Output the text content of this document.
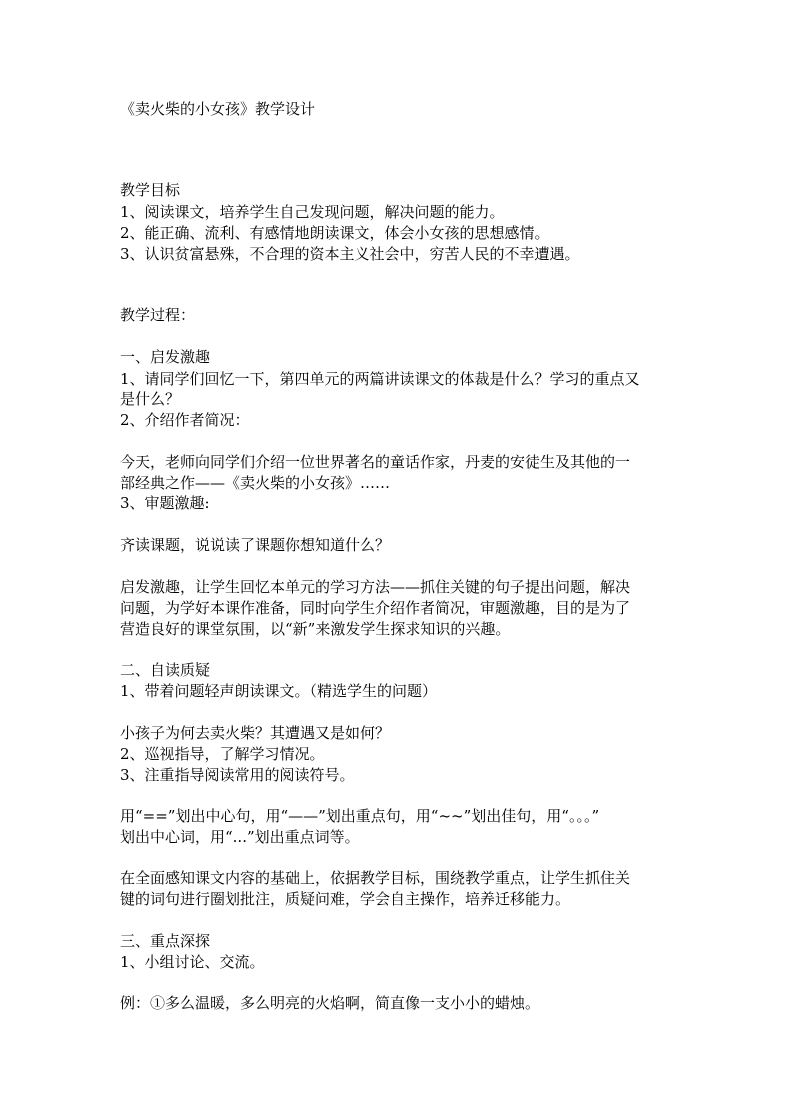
《卖火柴的小女孩》教学设计
教学目标
1、阅读课文，培养学生自己发现问题，解决问题的能力。
2、能正确、流利、有感情地朗读课文，体会小女孩的思想感情。
3、认识贫富悬殊，不合理的资本主义社会中，穷苦人民的不幸遭遇。
教学过程：
一、启发激趣
1、请同学们回忆一下，第四单元的两篇讲读课文的体裁是什么？学习的重点又
是什么？
2、介绍作者简况：
今天，老师向同学们介绍一位世界著名的童话作家，丹麦的安徒生及其他的一
部经典之作——《卖火柴的小女孩》……
3、审题激趣:
齐读课题，说说读了课题你想知道什么？
启发激趣，让学生回忆本单元的学习方法——抓住关键的句子提出问题，解决
问题，为学好本课作准备，同时向学生介绍作者简况，审题激趣，目的是为了
营造良好的课堂氛围，以“新”来激发学生探求知识的兴趣。
二、自读质疑
1、带着问题轻声朗读课文。（精选学生的问题）
小孩子为何去卖火柴？其遭遇又是如何？
2、巡视指导，了解学习情况。
3、注重指导阅读常用的阅读符号。
用“==”划出中心句，用“——”划出重点句，用“~~”划出佳句，用“。。。”
划出中心词，用“...”划出重点词等。
在全面感知课文内容的基础上，依据教学目标，围绕教学重点，让学生抓住关
键的词句进行圈划批注，质疑问难，学会自主操作，培养迁移能力。
三、重点深探
1、小组讨论、交流。
例：①多么温暖，多么明亮的火焰啊，简直像一支小小的蜡烛。
